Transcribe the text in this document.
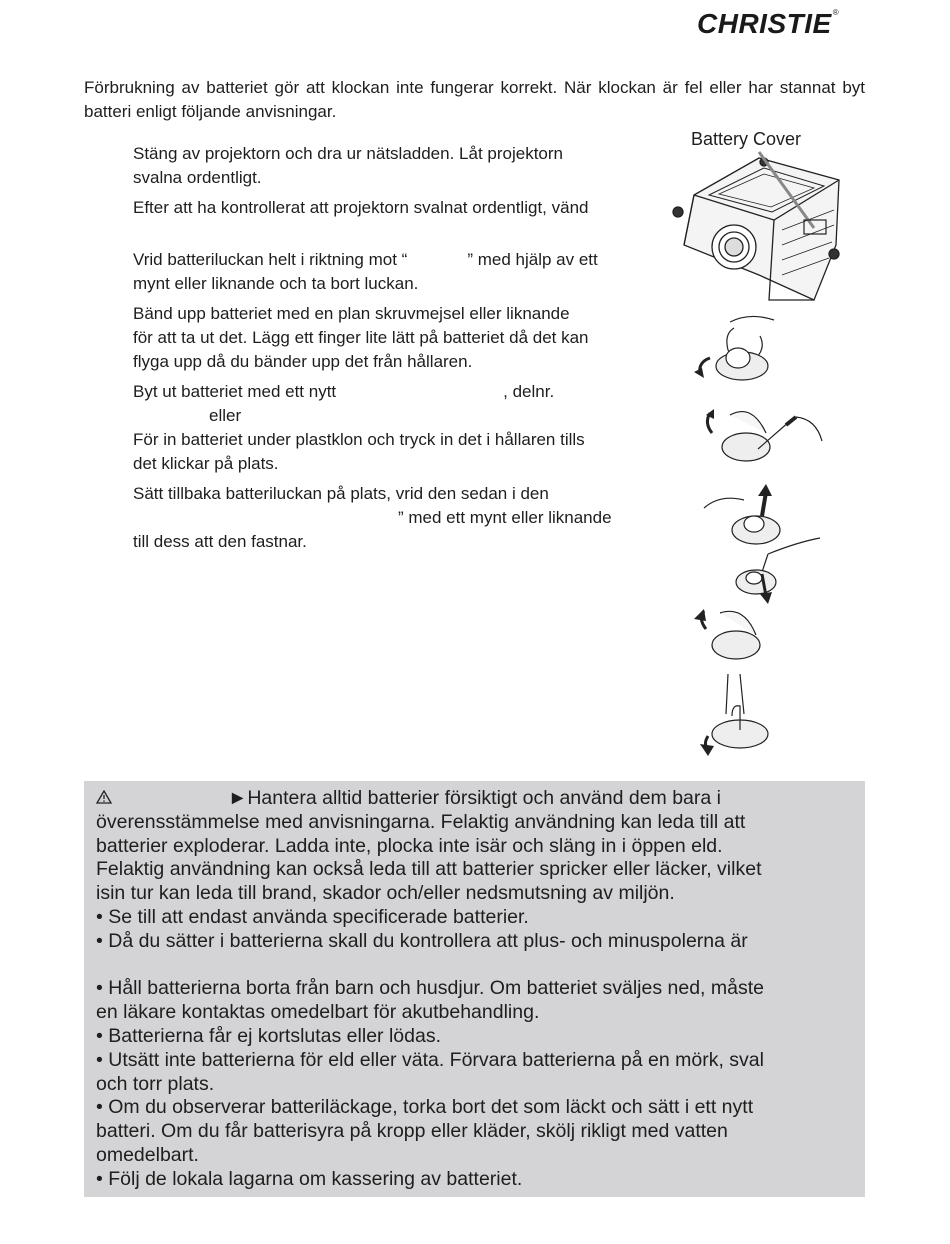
CHRISTIE®

Förbrukning av batteriet gör att klockan inte fungerar korrekt. När klockan är fel eller har stannat byt batteri enligt följande anvisningar.

Stäng av projektorn och dra ur nätsladden. Låt projektorn

svalna ordentligt.

Efter att ha kontrollerat att projektorn svalnat ordentligt, vänd

Vrid batteriluckan helt i riktning mot “	” med hjälp av ett

mynt eller liknande och ta bort luckan.

Bänd upp batteriet med en plan skruvmejsel eller liknande

för att ta ut det. Lägg ett finger lite lätt på batteriet då det kan

flyga upp då du bänder upp det från hållaren.

Byt ut batteriet med ett nytt	, delnr.

eller

För in batteriet under plastklon och tryck in det i hållaren tills

det klickar på plats.

Sätt tillbaka batteriluckan på plats, vrid den sedan i den

” med ett mynt eller liknande

till dess att den fastnar.

Battery Cover

► Hantera alltid batterier försiktigt och använd dem bara i

överensstämmelse med anvisningarna. Felaktig användning kan leda till att

batterier exploderar. Ladda inte, plocka inte isär och släng in i öppen eld.

Felaktig användning kan också leda till att batterier spricker eller läcker, vilket

isin tur kan leda till brand, skador och/eller nedsmutsning av miljön.

• Se till att endast använda specificerade batterier.

• Då du sätter i batterierna skall du kontrollera att plus- och minuspolerna är

• Håll batterierna borta från barn och husdjur. Om batteriet sväljes ned, måste

en läkare kontaktas omedelbart för akutbehandling.

• Batterierna får ej kortslutas eller lödas.

• Utsätt inte batterierna för eld eller väta. Förvara batterierna på en mörk, sval

och torr plats.

• Om du observerar batteriläckage, torka bort det som läckt och sätt i ett nytt

batteri. Om du får batterisyra på kropp eller kläder, skölj rikligt med vatten

omedelbart.

• Följ de lokala lagarna om kassering av batteriet.
